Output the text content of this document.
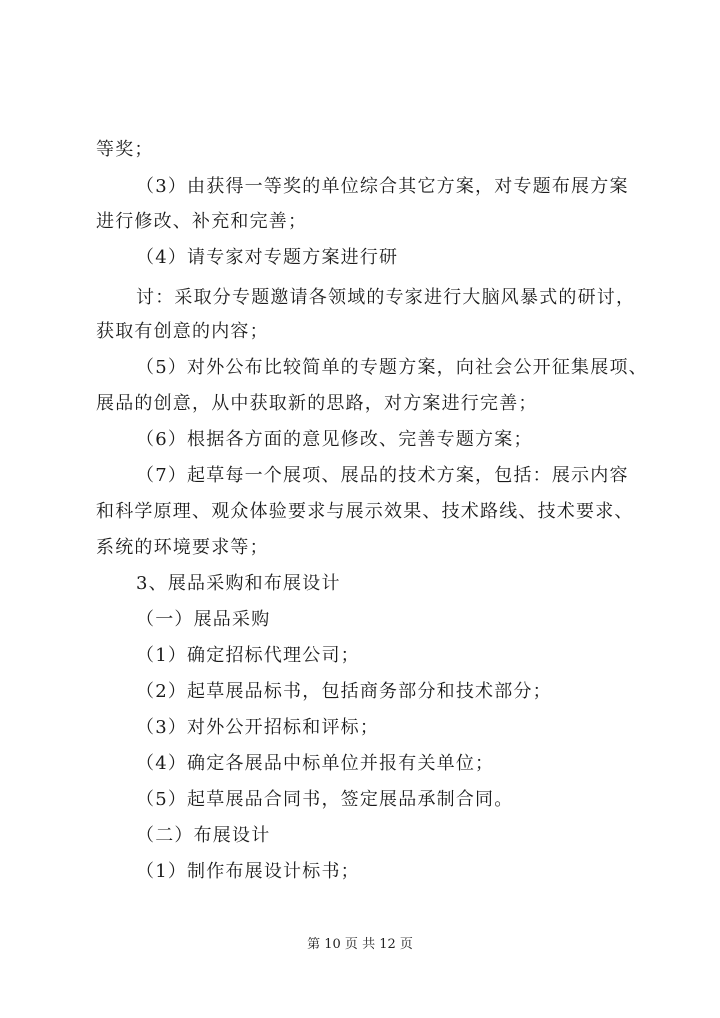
等奖；
（3）由获得一等奖的单位综合其它方案，对专题布展方案
进行修改、补充和完善；
（4）请专家对专题方案进行研
讨：采取分专题邀请各领域的专家进行大脑风暴式的研讨，
获取有创意的内容；
（5）对外公布比较简单的专题方案，向社会公开征集展项、
展品的创意，从中获取新的思路，对方案进行完善；
（6）根据各方面的意见修改、完善专题方案；
（7）起草每一个展项、展品的技术方案，包括：展示内容
和科学原理、观众体验要求与展示效果、技术路线、技术要求、
系统的环境要求等；
3、展品采购和布展设计
（一）展品采购
（1）确定招标代理公司；
（2）起草展品标书，包括商务部分和技术部分；
（3）对外公开招标和评标；
（4）确定各展品中标单位并报有关单位；
（5）起草展品合同书，签定展品承制合同。
（二）布展设计
（1）制作布展设计标书；
第 10 页 共 12 页
